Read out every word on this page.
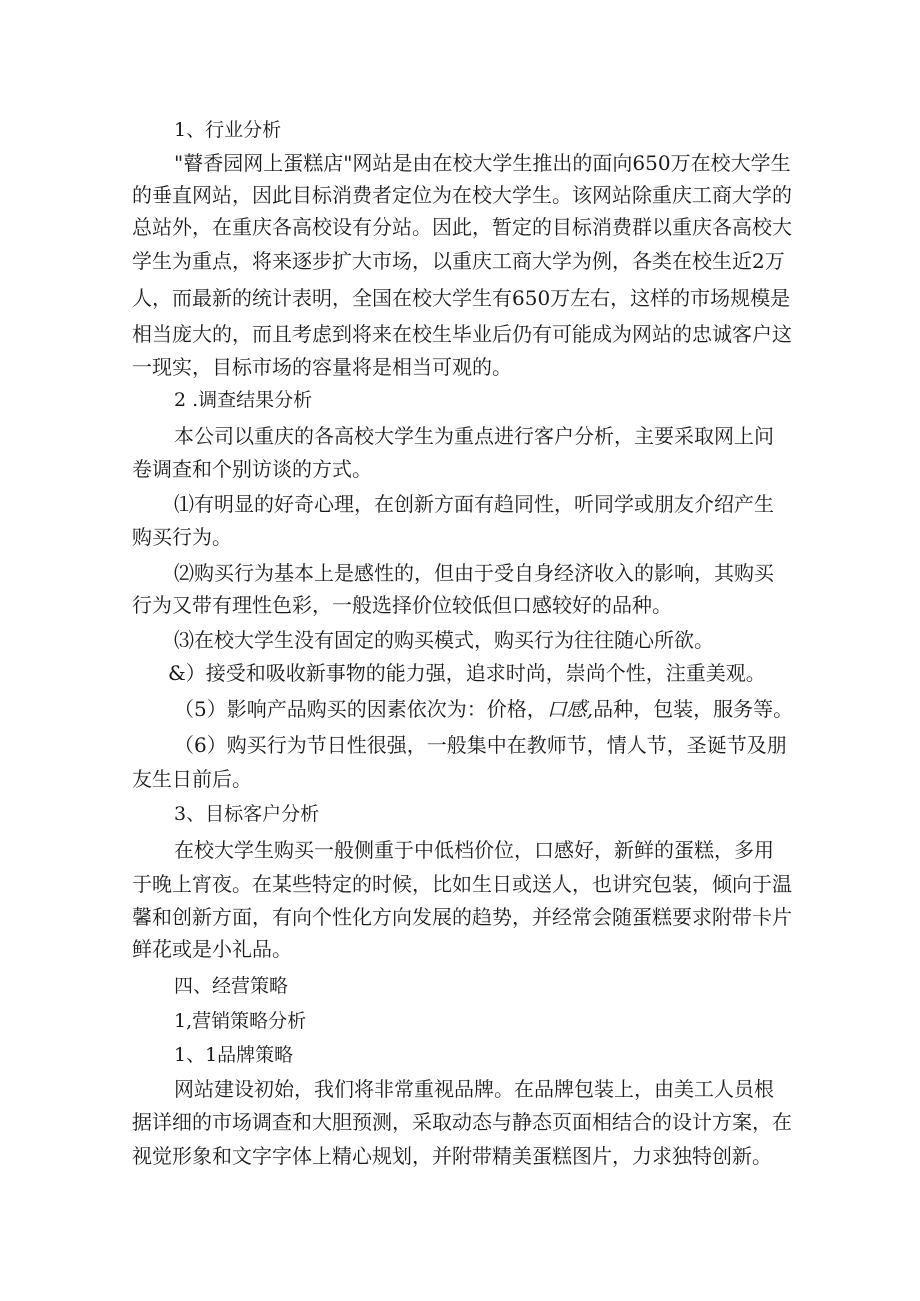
1、行业分析

"瞽香园网上蛋糕店"网站是由在校大学生推出的面向650万在校大学生

的垂直网站，因此目标消费者定位为在校大学生。该网站除重庆工商大学的

总站外，在重庆各高校设有分站。因此，暂定的目标消费群以重庆各高校大

学生为重点，将来逐步扩大市场，以重庆工商大学为例，各类在校生近2万

人，而最新的统计表明，全国在校大学生有650万左右，这样的市场规模是

相当庞大的，而且考虑到将来在校生毕业后仍有可能成为网站的忠诚客户这

一现实，目标市场的容量将是相当可观的。

2 .调查结果分析

本公司以重庆的各高校大学生为重点进行客户分析，主要采取网上问

卷调查和个别访谈的方式。

⑴有明显的好奇心理，在创新方面有趋同性，听同学或朋友介绍产生

购买行为。

⑵购买行为基本上是感性的，但由于受自身经济收入的影响，其购买

行为又带有理性色彩，一般选择价位较低但口感较好的品种。

⑶在校大学生没有固定的购买模式，购买行为往往随心所欲。

&）接受和吸收新事物的能力强，追求时尚，崇尚个性，注重美观。

（5）影响产品购买的因素依次为：价格，口感,品种，包装，服务等。

（6）购买行为节日性很强，一般集中在教师节，情人节，圣诞节及朋

友生日前后。

3、目标客户分析

在校大学生购买一般侧重于中低档价位，口感好，新鲜的蛋糕，多用

于晚上宵夜。在某些特定的时候，比如生日或送人，也讲究包装，倾向于温

馨和创新方面，有向个性化方向发展的趋势，并经常会随蛋糕要求附带卡片

鲜花或是小礼品。

四、经营策略

1,营销策略分析

1、1品牌策略

网站建设初始，我们将非常重视品牌。在品牌包装上，由美工人员根

据详细的市场调查和大胆预测，采取动态与静态页面相结合的设计方案，在

视觉形象和文字字体上精心规划，并附带精美蛋糕图片，力求独特创新。
